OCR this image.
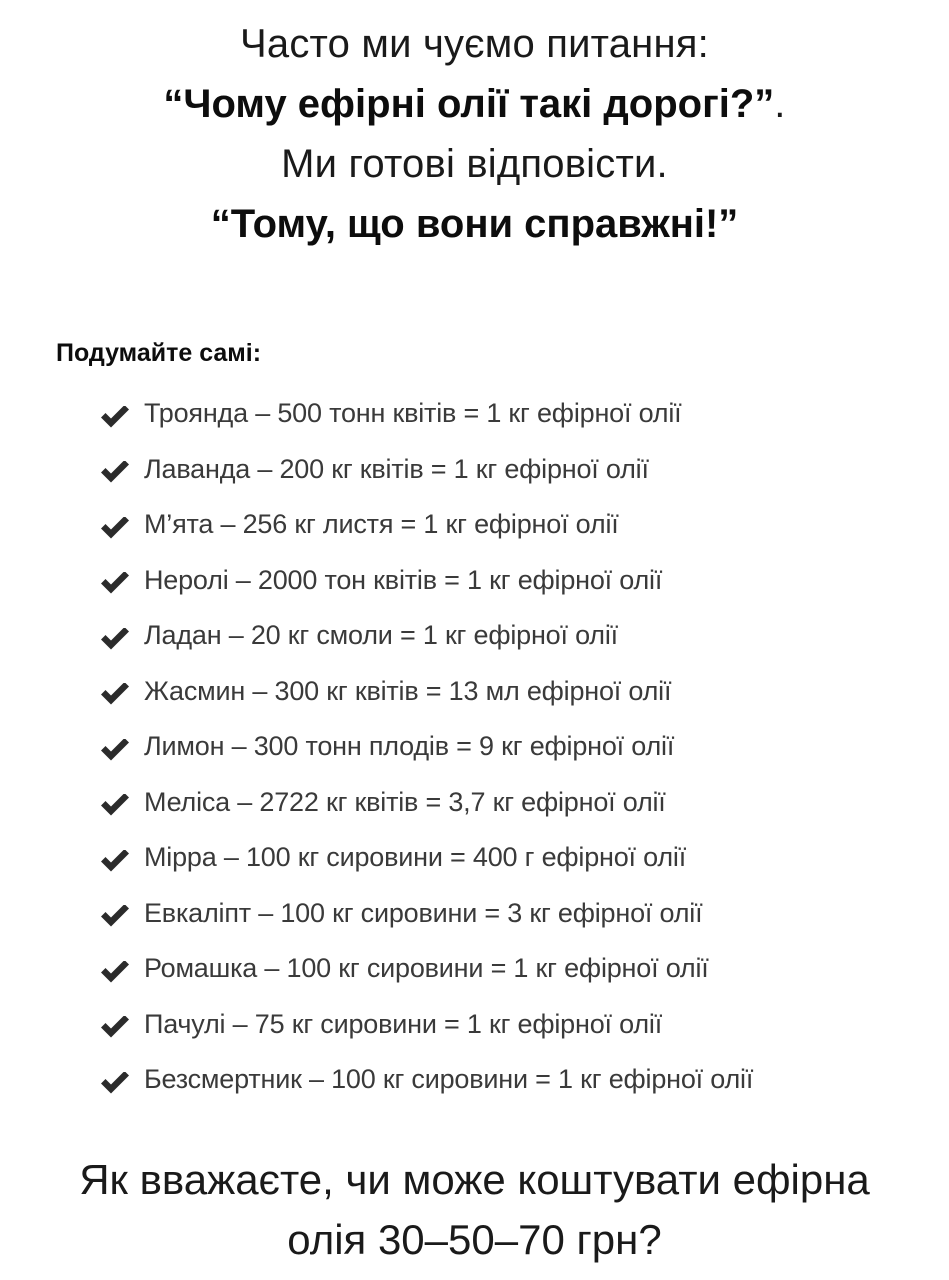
Часто ми чуємо питання:
“Чому ефірні олії такі дорогі?”.
Ми готові відповісти.
“Тому, що вони справжні!”
Подумайте самі:
Троянда – 500 тонн квітів = 1 кг ефірної олії
Лаванда – 200 кг квітів = 1 кг ефірної олії
М’ята – 256 кг листя = 1 кг ефірної олії
Неролі – 2000 тон квітів = 1 кг ефірної олії
Ладан – 20 кг смоли = 1 кг ефірної олії
Жасмин – 300 кг квітів = 13 мл ефірної олії
Лимон – 300 тонн плодів = 9 кг ефірної олії
Меліса – 2722 кг квітів = 3,7 кг ефірної олії
Мірра – 100 кг сировини = 400 г ефірної олії
Евкаліпт – 100 кг сировини = 3 кг ефірної олії
Ромашка – 100 кг сировини = 1 кг ефірної олії
Пачулі – 75 кг сировини = 1 кг ефірної олії
Безсмертник – 100 кг сировини = 1 кг ефірної олії
Як вважаєте, чи може коштувати ефірна
олія 30–50–70 грн?
